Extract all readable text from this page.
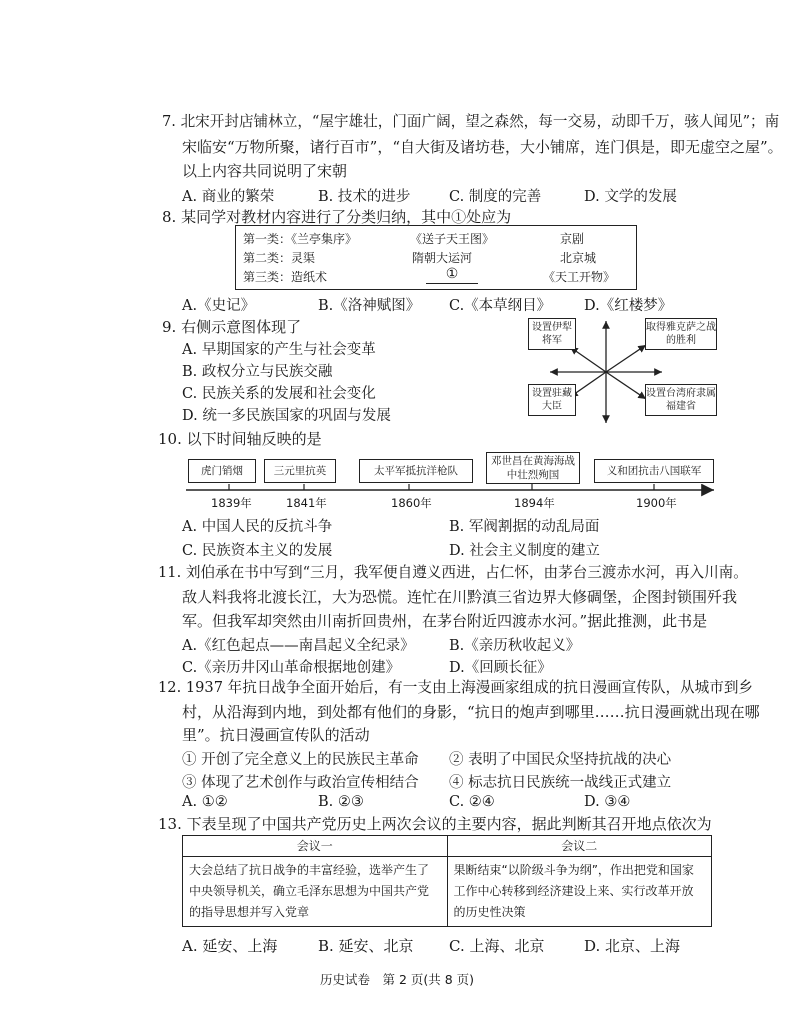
7. 北宋开封店铺林立，“屋宇雄壮，门面广阔，望之森然，每一交易，动即千万，骇人闻见”；南
宋临安“万物所聚，诸行百市”，“自大街及诸坊巷，大小铺席，连门俱是，即无虚空之屋”。
以上内容共同说明了宋朝
A. 商业的繁荣	B. 技术的进步	C. 制度的完善	D. 文学的发展
8. 某同学对教材内容进行了分类归纳，其中①处应为
第一类：《兰亭集序》	《送子天王图》	京剧
第二类：灵渠	隋朝大运河	北京城
第三类：造纸术	①	《天工开物》
A.《史记》	B.《洛神赋图》 C.《本草纲目》 D.《红楼梦》
9. 右侧示意图体现了
A. 早期国家的产生与社会变革
B. 政权分立与民族交融
C. 民族关系的发展和社会变化
D. 统一多民族国家的巩固与发展
设置伊犁将军
取得雅克萨之战的胜利
设置驻藏大臣
设置台湾府隶属福建省
10. 以下时间轴反映的是
虎门销烟	三元里抗英	太平军抵抗洋枪队
邓世昌在黄海海战中壮烈殉国	义和团抗击八国联军
1839年	1841年	1860年	1894年	1900年
A. 中国人民的反抗斗争	B. 军阀割据的动乱局面
C. 民族资本主义的发展	D. 社会主义制度的建立
11. 刘伯承在书中写到“三月，我军便自遵义西进，占仁怀，由茅台三渡赤水河，再入川南。
敌人料我将北渡长江，大为恐慌。连忙在川黔滇三省边界大修碉堡，企图封锁围歼我
军。但我军却突然由川南折回贵州，在茅台附近四渡赤水河。”据此推测，此书是
A.《红色起点——南昌起义全纪录》 B.《亲历秋收起义》
C.《亲历井冈山革命根据地创建》	D.《回顾长征》
12. 1937 年抗日战争全面开始后，有一支由上海漫画家组成的抗日漫画宣传队，从城市到乡
村，从沿海到内地，到处都有他们的身影，“抗日的炮声到哪里……抗日漫画就出现在哪
里”。抗日漫画宣传队的活动
① 开创了完全意义上的民族民主革命 ② 表明了中国民众坚持抗战的决心
③ 体现了艺术创作与政治宣传相结合 ④ 标志抗日民族统一战线正式建立
A. ①②	B. ②③	C. ②④	D. ③④
13. 下表呈现了中国共产党历史上两次会议的主要内容，据此判断其召开地点依次为
会议一	会议二
大会总结了抗日战争的丰富经验，选举产生了中央领导机关，确立毛泽东思想为中国共产党的指导思想并写入党章	果断结束“以阶级斗争为纲”，作出把党和国家工作中心转移到经济建设上来、实行改革开放的历史性决策
A. 延安、上海	B. 延安、北京 C. 上海、北京	D. 北京、上海
历史试卷　第 2 页(共 8 页)
